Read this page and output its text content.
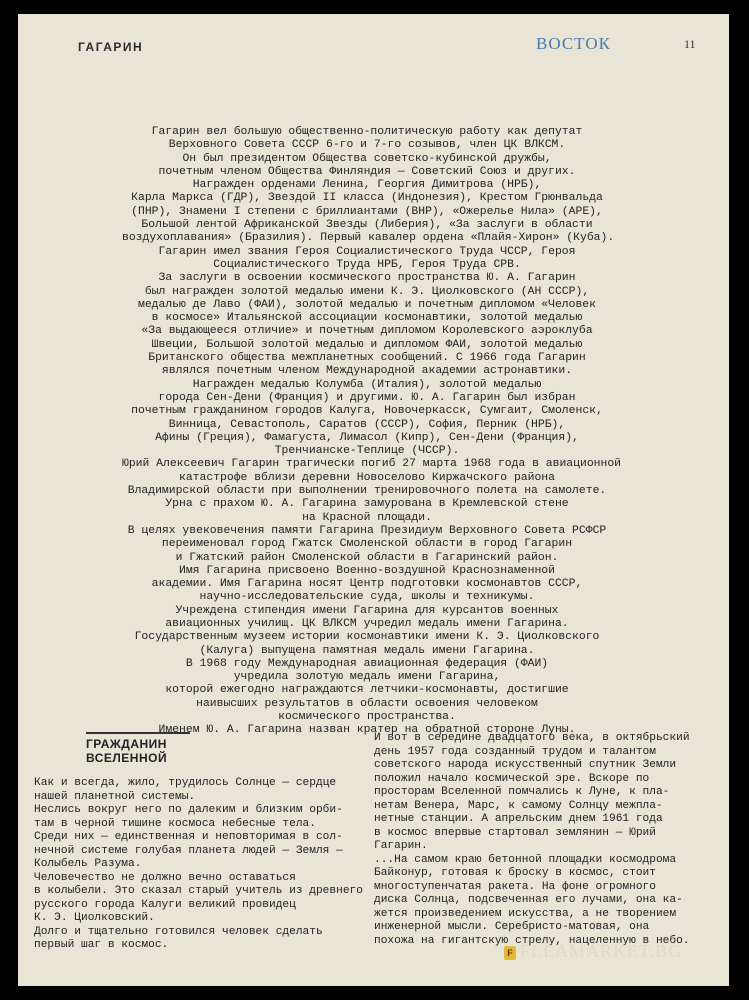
ГАГАРИН	ВОСТОК	11
Гагарин вел большую общественно-политическую работу как депутат
Верховного Совета СССР 6-го и 7-го созывов, член ЦК ВЛКСМ.
Он был президентом Общества советско-кубинской дружбы,
почетным членом Общества Финляндия — Советский Союз и других.
Награжден орденами Ленина, Георгия Димитрова (НРБ),
Карла Маркса (ГДР), Звездой II класса (Индонезия), Крестом Грюнвальда
(ПНР), Знамени I степени с бриллиантами (ВНР), «Ожерелье Нила» (АРЕ),
Большой лентой Африканской Звезды (Либерия), «За заслуги в области
воздухоплавания» (Бразилия). Первый кавалер ордена «Плайя-Хирон» (Куба).
Гагарин имел звания Героя Социалистического Труда ЧССР, Героя
Социалистического Труда НРБ, Героя Труда СРВ.
За заслуги в освоении космического пространства Ю. А. Гагарин
был награжден золотой медалью имени К. Э. Циолковского (АН СССР),
медалью де Лаво (ФАИ), золотой медалью и почетным дипломом «Человек
в космосе» Итальянской ассоциации космонавтики, золотой медалью
«За выдающееся отличие» и почетным дипломом Королевского аэроклуба
Швеции, Большой золотой медалью и дипломом ФАИ, золотой медалью
Британского общества межпланетных сообщений. С 1966 года Гагарин
являлся почетным членом Международной академии астронавтики.
Награжден медалью Колумба (Италия), золотой медалью
города Сен-Дени (Франция) и другими. Ю. А. Гагарин был избран
почетным гражданином городов Калуга, Новочеркасск, Сумгаит, Смоленск,
Винница, Севастополь, Саратов (СССР), София, Перник (НРБ),
Афины (Греция), Фамагуста, Лимасол (Кипр), Сен-Дени (Франция),
Тренчианске-Теплице (ЧССР).
Юрий Алексеевич Гагарин трагически погиб 27 марта 1968 года в авиационной
катастрофе вблизи деревни Новоселово Киржачского района
Владимирской области при выполнении тренировочного полета на самолете.
Урна с прахом Ю. А. Гагарина замурована в Кремлевской стене
на Красной площади.
В целях увековечения памяти Гагарина Президиум Верховного Совета РСФСР
переименовал город Гжатск Смоленской области в город Гагарин
и Гжатский район Смоленской области в Гагаринский район.
Имя Гагарина присвоено Военно-воздушной Краснознаменной
академии. Имя Гагарина носят Центр подготовки космонавтов СССР,
научно-исследовательские суда, школы и техникумы.
Учреждена стипендия имени Гагарина для курсантов военных
авиационных училищ. ЦК ВЛКСМ учредил медаль имени Гагарина.
Государственным музеем истории космонавтики имени К. Э. Циолковского
(Калуга) выпущена памятная медаль имени Гагарина.
В 1968 году Международная авиационная федерация (ФАИ)
учредила золотую медаль имени Гагарина,
которой ежегодно награждаются летчики-космонавты, достигшие
наивысших результатов в области освоения человеком
космического пространства.
Именем Ю. А. Гагарина назван кратер на обратной стороне Луны.
ГРАЖДАНИН
ВСЕЛЕННОЙ
Как и всегда, жило, трудилось Солнце — сердце
нашей планетной системы.
Неслись вокруг него по далеким и близким орби-
там в черной тишине космоса небесные тела.
Среди них — единственная и неповторимая в сол-
нечной системе голубая планета людей — Земля —
Колыбель Разума.
Человечество не должно вечно оставаться
в колыбели. Это сказал старый учитель из древнего
русского города Калуги великий провидец
К. Э. Циолковский.
Долго и тщательно готовился человек сделать
первый шаг в космос.
И вот в середине двадцатого века, в октябрьский
день 1957 года созданный трудом и талантом
советского народа искусственный спутник Земли
положил начало космической эре. Вскоре по
просторам Вселенной помчались к Луне, к пла-
нетам Венера, Марс, к самому Солнцу межпла-
нетные станции. А апрельским днем 1961 года
в космос впервые стартовал землянин — Юрий
Гагарин.
...На самом краю бетонной площадки космодрома
Байконур, готовая к броску в космос, стоит
многоступенчатая ракета. На фоне огромного
диска Солнца, подсвеченная его лучами, она ка-
жется произведением искусства, а не творением
инженерной мысли. Серебристо-матовая, она
похожа на гигантскую стрелу, нацеленную в небо.
F FLEAMARKET.BG
